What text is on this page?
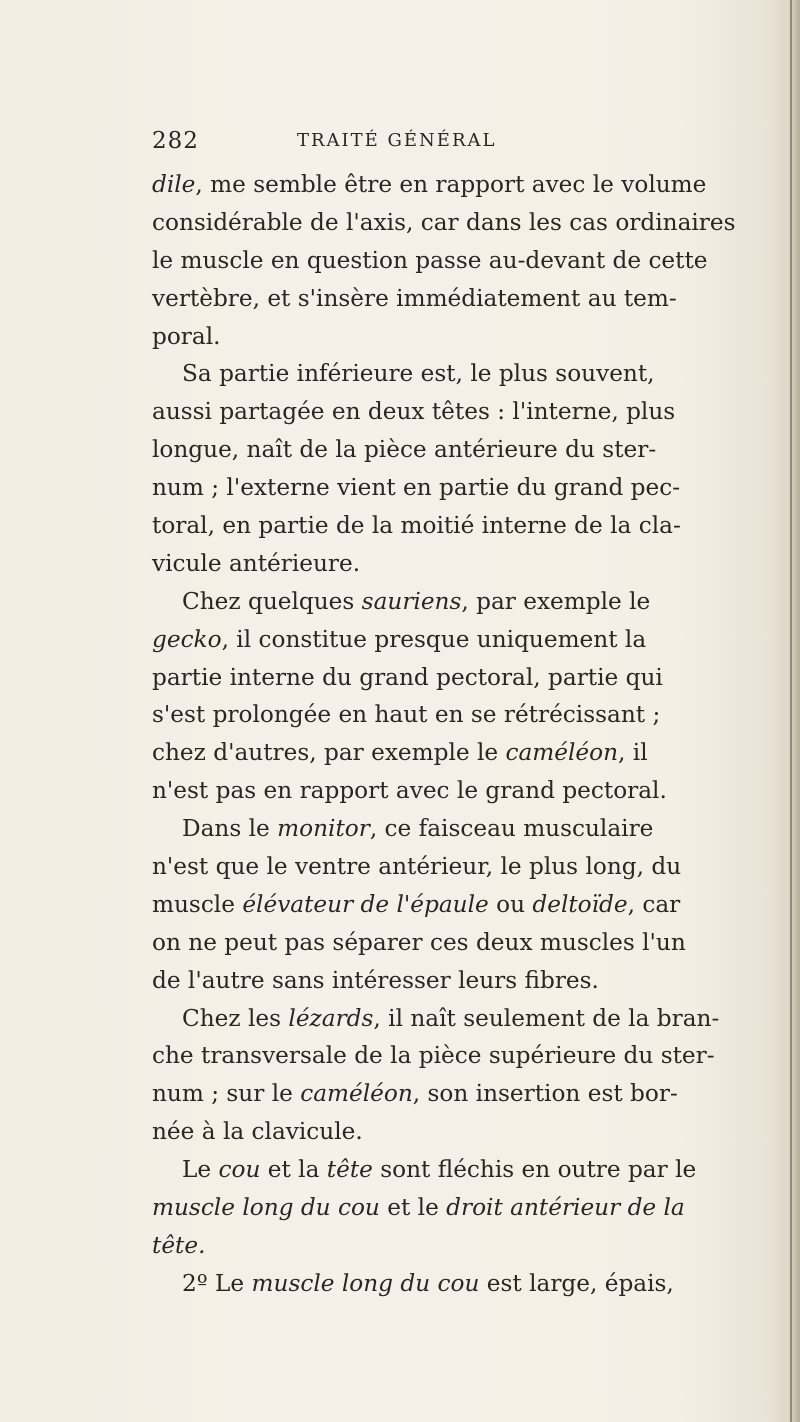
282	TRAITÉ GÉNÉRAL
dile, me semble être en rapport avec le volume
considérable de l'axis, car dans les cas ordinaires
le muscle en question passe au-devant de cette
vertèbre, et s'insère immédiatement au tem-
poral.
Sa partie inférieure est, le plus souvent,
aussi partagée en deux têtes : l'interne, plus
longue, naît de la pièce antérieure du ster-
num ; l'externe vient en partie du grand pec-
toral, en partie de la moitié interne de la cla-
vicule antérieure.
Chez quelques sauriens, par exemple le
gecko, il constitue presque uniquement la
partie interne du grand pectoral, partie qui
s'est prolongée en haut en se rétrécissant ;
chez d'autres, par exemple le caméléon, il
n'est pas en rapport avec le grand pectoral.
Dans le monitor, ce faisceau musculaire
n'est que le ventre antérieur, le plus long, du
muscle élévateur de l'épaule ou deltoïde, car
on ne peut pas séparer ces deux muscles l'un
de l'autre sans intéresser leurs fibres.
Chez les lézards, il naît seulement de la bran-
che transversale de la pièce supérieure du ster-
num ; sur le caméléon, son insertion est bor-
née à la clavicule.
Le cou et la tête sont fléchis en outre par le
muscle long du cou et le droit antérieur de la
tête.
2º Le muscle long du cou est large, épais,
